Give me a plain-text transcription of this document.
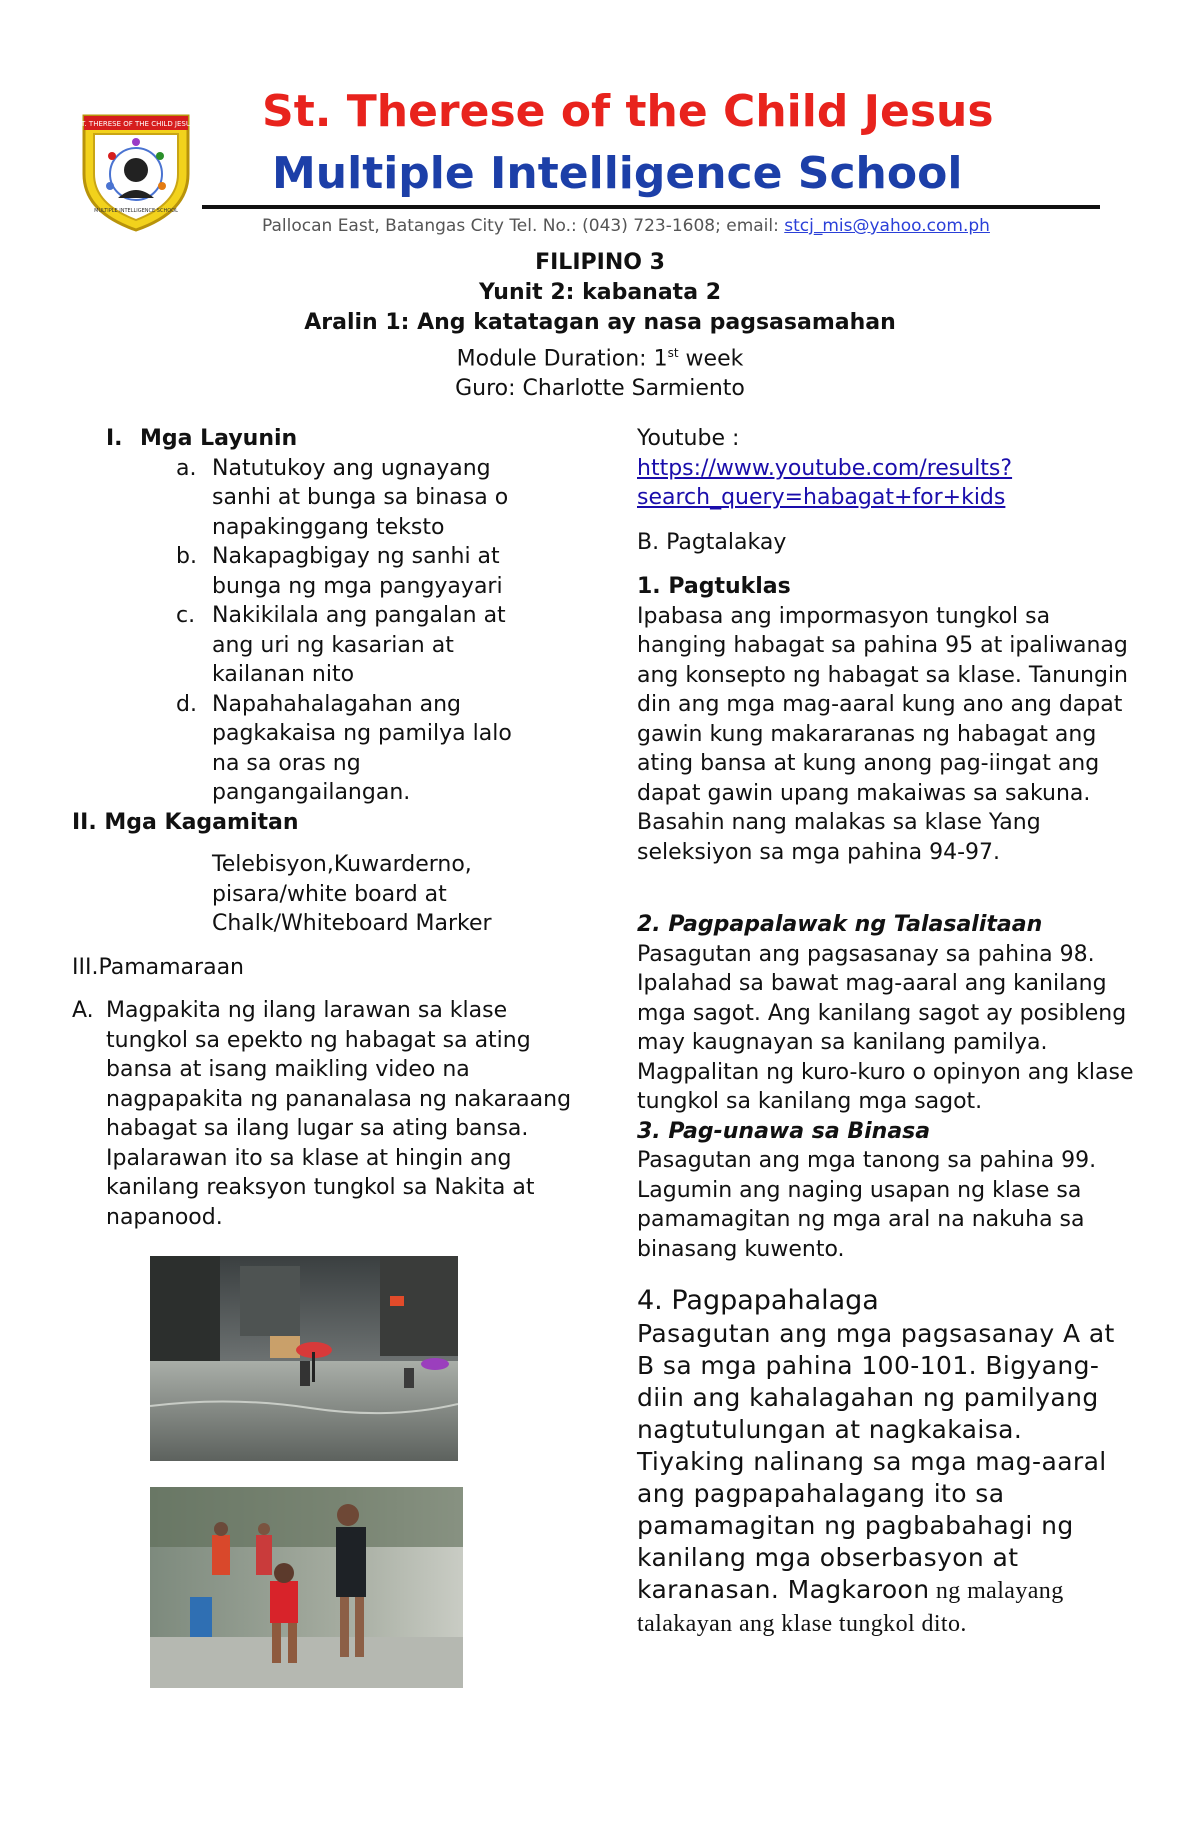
ST. THERESE OF THE CHILD JESUS
MULTIPLE INTELLIGENCE SCHOOL
St. Therese of the Child Jesus
Multiple Intelligence School
Pallocan East, Batangas City Tel. No.: (043) 723-1608; email: stcj_mis@yahoo.com.ph
FILIPINO 3
Yunit 2: kabanata 2
Aralin 1: Ang katatagan ay nasa pagsasamahan
Module Duration: 1st week
Guro: Charlotte Sarmiento
I. Mga Layunin
a. Natutukoy ang ugnayang sanhi at bunga sa binasa o napakinggang teksto
b. Nakapagbigay ng sanhi at bunga ng mga pangyayari
c. Nakikilala ang pangalan at ang uri ng kasarian at kailanan nito
d. Napahahalagahan ang pagkakaisa ng pamilya lalo na sa oras ng pangangailangan.
II. Mga Kagamitan
Telebisyon,Kuwarderno, pisara/white board at Chalk/Whiteboard Marker
III.Pamamaraan
A. Magpakita ng ilang larawan sa klase tungkol sa epekto ng habagat sa ating bansa at isang maikling video na nagpapakita ng pananalasa ng nakaraang habagat sa ilang lugar sa ating bansa. Ipalarawan ito sa klase at hingin ang kanilang reaksyon tungkol sa Nakita at napanood.
Youtube :
https://www.youtube.com/results?
search_query=habagat+for+kids
B. Pagtalakay
1. Pagtuklas
Ipabasa ang impormasyon tungkol sa hanging habagat sa pahina 95 at ipaliwanag ang konsepto ng habagat sa klase. Tanungin din ang mga mag-aaral kung ano ang dapat gawin kung makararanas ng habagat ang ating bansa at kung anong pag-iingat ang dapat gawin upang makaiwas sa sakuna. Basahin nang malakas sa klase Yang seleksiyon sa mga pahina 94-97.
2. Pagpapalawak ng Talasalitaan
Pasagutan ang pagsasanay sa pahina 98. Ipalahad sa bawat mag-aaral ang kanilang mga sagot. Ang kanilang sagot ay posibleng may kaugnayan sa kanilang pamilya. Magpalitan ng kuro-kuro o opinyon ang klase tungkol sa kanilang mga sagot.
3. Pag-unawa sa Binasa
Pasagutan ang mga tanong sa pahina 99. Lagumin ang naging usapan ng klase sa pamamagitan ng mga aral na nakuha sa binasang kuwento.
4. Pagpapahalaga
Pasagutan ang mga pagsasanay A at B sa mga pahina 100-101. Bigyang-diin ang kahalagahan ng pamilyang nagtutulungan at nagkakaisa. Tiyaking nalinang sa mga mag-aaral ang pagpapahalagang ito sa pamamagitan ng pagbabahagi ng kanilang mga obserbasyon at karanasan. Magkaroon ng malayang talakayan ang klase tungkol dito.
